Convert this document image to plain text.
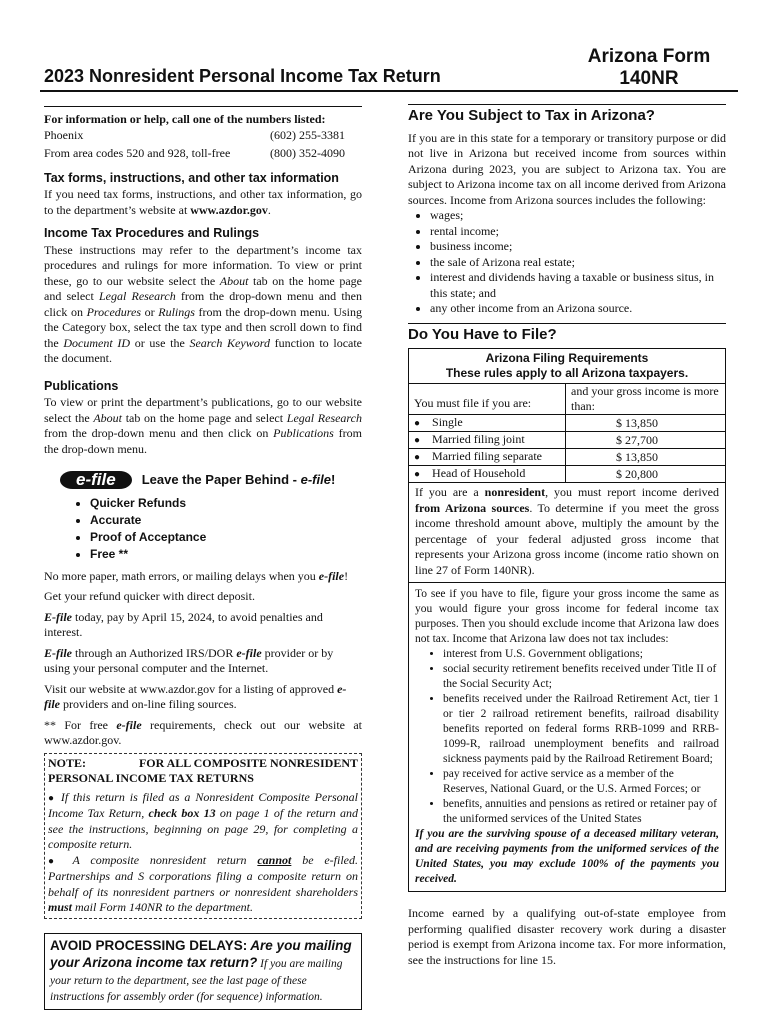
Arizona Form
140NR
2023 Nonresident Personal Income Tax Return
For information or help, call one of the numbers listed:
Phoenix	(602) 255-3381
From area codes 520 and 928, toll-free	(800) 352-4090
Tax forms, instructions, and other tax information

If you need tax forms, instructions, and other tax information, go to the department’s website at www.azdor.gov.

Income Tax Procedures and Rulings

These instructions may refer to the department’s income tax procedures and rulings for more information. To view or print these, go to our website select the About tab on the home page and select Legal Research from the drop-down menu and then click on Procedures or Rulings from the drop-down menu. Using the Category box, select the tax type and then scroll down to find the Document ID or use the Search Keyword function to locate the document.

Publications

To view or print the department’s publications, go to our website select the About tab on the home page and select Legal Research from the drop-down menu and then click on Publications from the drop-down menu.

e-file	Leave the Paper Behind - e-file!
• Quicker Refunds
• Accurate
• Proof of Acceptance
• Free **

No more paper, math errors, or mailing delays when you e-file!

Get your refund quicker with direct deposit.

E-file today, pay by April 15, 2024, to avoid penalties and interest.

E-file through an Authorized IRS/DOR e-file provider or by using your personal computer and the Internet.

Visit our website at www.azdor.gov for a listing of approved e-file providers and on-line filing sources.

** For free e-file requirements, check out our website at www.azdor.gov.

NOTE:	FOR ALL COMPOSITE NONRESIDENT
PERSONAL INCOME TAX RETURNS
● If this return is filed as a Nonresident Composite Personal Income Tax Return, check box 13 on page 1 of the return and see the instructions, beginning on page 29, for completing a composite return.
● A composite nonresident return cannot be e-filed. Partnerships and S corporations filing a composite return on behalf of its nonresident partners or nonresident shareholders must mail Form 140NR to the department.
AVOID PROCESSING DELAYS: Are you mailing your Arizona income tax return? If you are mailing your return to the department, see the last page of these instructions for assembly order (for sequence) information.
Are You Subject to Tax in Arizona?

If you are in this state for a temporary or transitory purpose or did not live in Arizona but received income from sources within Arizona during 2023, you are subject to Arizona tax. You are subject to Arizona income tax on all income derived from Arizona sources. Income from Arizona sources includes the following:

• wages;
• rental income;
• business income;
• the sale of Arizona real estate;
• interest and dividends having a taxable or business situs, in this state; and
• any other income from an Arizona source.
Do You Have to File?
Arizona Filing Requirements
These rules apply to all Arizona taxpayers.
You must file if you are:	and your gross income is more than:
● Single	$ 13,850
● Married filing joint	$ 27,700
● Married filing separate	$ 13,850
● Head of Household	$ 20,800
If you are a nonresident, you must report income derived from Arizona sources. To determine if you meet the gross income threshold amount above, multiply the amount by the percentage of your federal adjusted gross income that represents your Arizona gross income (income ratio shown on line 27 of Form 140NR).
To see if you have to file, figure your gross income the same as you would figure your gross income for federal income tax purposes. Then you should exclude income that Arizona law does not tax. Income that Arizona law does not tax includes:
• interest from U.S. Government obligations;
• social security retirement benefits received under Title II of the Social Security Act;
• benefits received under the Railroad Retirement Act, tier 1 or tier 2 railroad retirement benefits, railroad disability benefits reported on federal forms RRB-1099 and RRB-1099-R, railroad unemployment benefits and railroad sickness payments paid by the Railroad Retirement Board;
• pay received for active service as a member of the Reserves, National Guard, or the U.S. Armed Forces; or
• benefits, annuities and pensions as retired or retainer pay of the uniformed services of the United States
If you are the surviving spouse of a deceased military veteran, and are receiving payments from the uniformed services of the United States, you may exclude 100% of the payments you received.

Income earned by a qualifying out-of-state employee from performing qualified disaster recovery work during a disaster period is exempt from Arizona income tax. For more information, see the instructions for line 15.
